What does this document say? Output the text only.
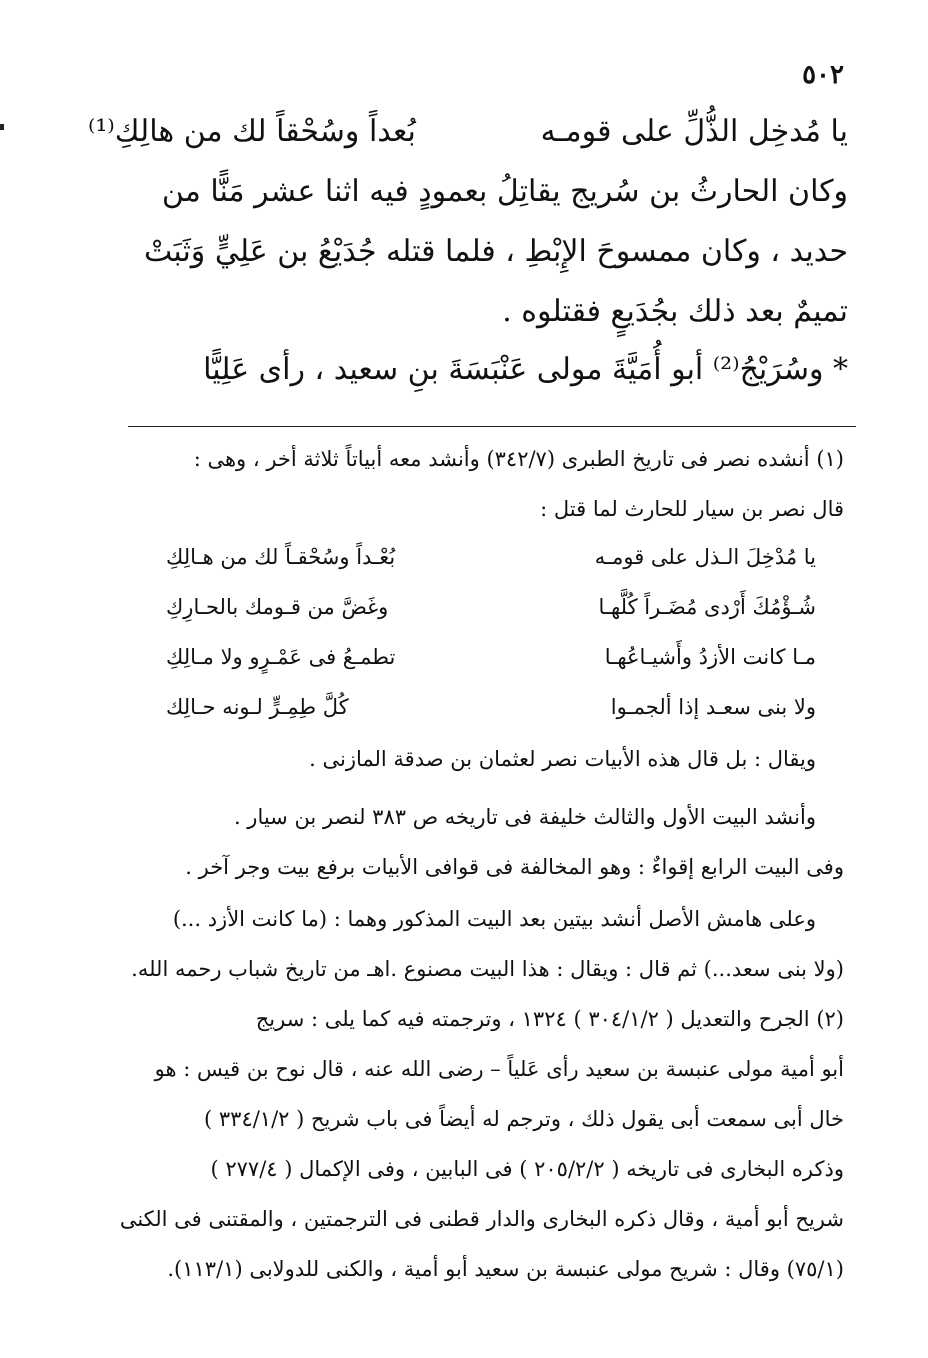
٥٠٢
يا مُدخِل الذُّلِّ على قومـه
بُعداً وسُحْقاً لك من هالِكِ⁽¹⁾
وكان الحارثُ بن سُريج يقاتِلُ بعمودٍ فيه اثنا عشر مَنًّا من
حديد ، وكان ممسوحَ الإِبْطِ ، فلما قتله جُدَيْعُ بن عَلِيٍّ وَثَبَتْ
تميمٌ بعد ذلك بجُدَيعٍ فقتلوه .
* وسُرَيْجُ⁽²⁾ أبو أُمَيَّةَ مولى عَنْبَسَةَ بنِ سعيد ، رأى عَلِيًّا
(١) أنشده نصر فى تاريخ الطبرى (٣٤٢/٧) وأنشد معه أبياتاً ثلاثة أخر ، وهى :
قال نصر بن سيار للحارث لما قتل :
يا مُدْخِلَ الـذل على قومـه
بُعْـداً وسُحْقـاً لك من هـالِكِ
شُـؤْمُكَ أَرْدى مُضَـراً كُلَّهـا
وغَضَّ من قـومك بالحـارِكِ
مـا كانت الأزدُ وأَشيـاعُهـا
تطمـعُ فى عَمْـرٍو ولا مـالِكِ
ولا بنى سعـد إذا ألجمـوا
كُلَّ طِمِـرٍّ لـونه حـالِك
ويقال : بل قال هذه الأبيات نصر لعثمان بن صدقة المازنى .
وأنشد البيت الأول والثالث خليفة فى تاريخه ص ٣٨٣ لنصر بن سيار .
وفى البيت الرابع إقواءٌ : وهو المخالفة فى قوافى الأبيات برفع بيت وجر آخر .
وعلى هامش الأصل أنشد بيتين بعد البيت المذكور وهما : (ما كانت الأزد ...)
(ولا بنى سعد...) ثم قال : ويقال : هذا البيت مصنوع .اهـ من تاريخ شباب رحمه الله.
(٢) الجرح والتعديل ( ٣٠٤/١/٢ ) ١٣٢٤ ، وترجمته فيه كما يلى : سريج
أبو أمية مولى عنبسة بن سعيد رأى عَلياً – رضى الله عنه ، قال نوح بن قيس : هو
خال أبى سمعت أبى يقول ذلك ، وترجم له أيضاً فى باب شريح ( ٣٣٤/١/٢ )
وذكره البخارى فى تاريخه ( ٢٠٥/٢/٢ ) فى البابين ، وفى الإكمال ( ٢٧٧/٤ )
شريح أبو أمية ، وقال ذكره البخارى والدار قطنى فى الترجمتين ، والمقتنى فى الكنى
(٧٥/١) وقال : شريح مولى عنبسة بن سعيد أبو أمية ، والكنى للدولابى (١١٣/١).
